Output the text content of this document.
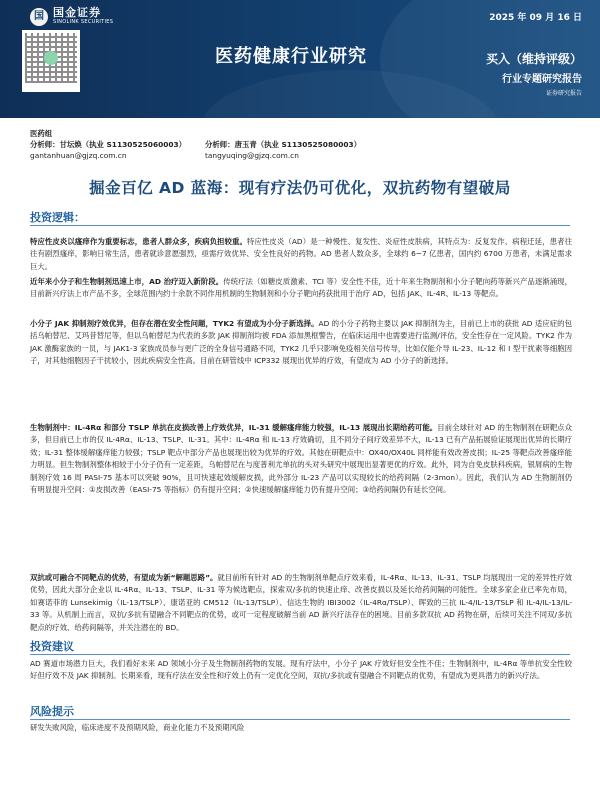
国 国金证券
SINOLINK SECURITIES	2025 年 09 月 16 日
医药健康行业研究	买入（维持评级）
行业专题研究报告
证券研究报告
医药组
分析师：甘坛焕（执业 S1130525060003）	分析师：唐玉青（执业 S1130525080003）
gantanhuan@gjzq.com.cn	tangyuqing@gjzq.com.cn
掘金百亿 AD 蓝海：现有疗法仍可优化，双抗药物有望破局
投资逻辑：
特应性皮炎以瘙痒作为重要标志，患者人群众多，疾病负担较重。特应性皮炎（AD）是一种慢性、复发性、炎症性皮肤病，其特点为：反复发作、病程迁延，患者往往有剧烈瘙痒，影响日常生活，患者就诊意愿强烈，亟需疗效优异、安全性良好的药物。AD 患者人数众多，全球约 6~7 亿患者，国内约 6700 万患者，未满足需求巨大。
近年来小分子和生物制剂迅速上市，AD 治疗迈入新阶段。传统疗法（如糖皮质激素、TCI 等）安全性不佳，近十年来生物制剂和小分子靶向药等新兴产品逐渐涌现，目前新兴疗法上市产品不多，全球范围内约十余款不同作用机制的生物制剂和小分子靶向药获批用于治疗 AD，包括 JAK、IL-4R、IL-13 等靶点。
小分子 JAK 抑制剂疗效优异，但存在潜在安全性问题，TYK2 有望成为小分子新选择。AD 的小分子药物主要以 JAK 抑制剂为主，目前已上市的获批 AD 适应症的包括乌帕替尼、艾玛昔替尼等，但以乌帕替尼为代表的多款 JAK 抑制剂均被 FDA 添加黑框警告，在临床运用中也需要进行监测/评估，安全性存在一定风险。TYK2 作为 JAK 激酶家族的一员，与 JAK1-3 家族成员参与更广泛的全身信号通路不同，TYK2 几乎只影响免疫相关信号传导，比如仅能介导 IL-23、IL-12 和 I 型干扰素等细胞因子，对其他细胞因子干扰较小，因此疾病安全性高。目前在研管线中 ICP332 展现出优异的疗效，有望成为 AD 小分子的新选择。
生物制剂中：IL-4Rα 和部分 TSLP 单抗在皮损改善上疗效优异，IL-31 缓解瘙痒能力较强，IL-13 展现出长期给药可能。目前全球针对 AD 的生物制剂在研靶点众多，但目前已上市的仅 IL-4Rα、IL-13、TSLP、IL-31。其中：IL-4Rα 和 IL-13 疗效确切，且不同分子间疗效差异不大，IL-13 已有产品拓展验证展现出优异的长期疗效；IL-31 整体缓解瘙痒能力较强；TSLP 靶点中部分产品也展现出较为优异的疗效。其他在研靶点中：OX40/OX40L 同样能有效改善皮损；IL-25 等靶点改善瘙痒能力明显。但生物制剂整体相较于小分子仍有一定差距，乌帕替尼在与度普利尤单抗的头对头研究中展现出显著更优的疗效。此外，同为自免皮肤科疾病，银屑病的生物制剂疗效 16 周 PASI-75 基本可以突破 90%，且可快速起效缓解皮损，此外部分 IL-23 产品可以实现较长的给药间隔（2-3mon）。因此，我们认为 AD 生物制剂仍有明显提升空间：①皮损改善（EASI-75 等指标）仍有提升空间；②快速缓解瘙痒能力仍有提升空间；③给药间隔仍有延长空间。
双抗或可融合不同靶点的优势，有望成为新“解题思路”。就目前所有针对 AD 的生物制剂单靶点疗效来看，IL-4Rα、IL-13、IL-31、TSLP 均展现出一定的差异性疗效优势，因此大部分企业以 IL-4Rα、IL-13、TSLP、IL-31 等为候选靶点，探索双/多抗的快速止痒、改善皮损以及延长给药间隔的可能性。全球多家企业已率先布局，如赛诺菲的 Lunsekimig（IL-13/TSLP）、康诺亚的 CM512（IL-13/TSLP）、信达生物的 IBI3002（IL-4Rα/TSLP）、晖致的三抗 IL-4/IL-13/TSLP 和 IL-4/IL-13/IL-33 等。从机制上而言，双抗/多抗有望融合不同靶点的优势，或可一定程度破解当前 AD 新兴疗法存在的困境。目前多款双抗 AD 药物在研，后续可关注不同双/多抗靶点的疗效、给药间隔等，并关注潜在的 BD。
投资建议
AD 赛道市场潜力巨大，我们看好未来 AD 领域小分子及生物制剂药物的发展。现有疗法中，小分子 JAK 疗效好但安全性不佳；生物制剂中，IL-4Rα 等单抗安全性较好但疗效不及 JAK 抑制剂。长期来看，现有疗法在安全性和疗效上仍有一定优化空间，双抗/多抗或有望融合不同靶点的优势，有望成为更具潜力的新兴疗法。
风险提示
研发失败风险，临床进度不及预期风险，商业化能力不及预期风险
